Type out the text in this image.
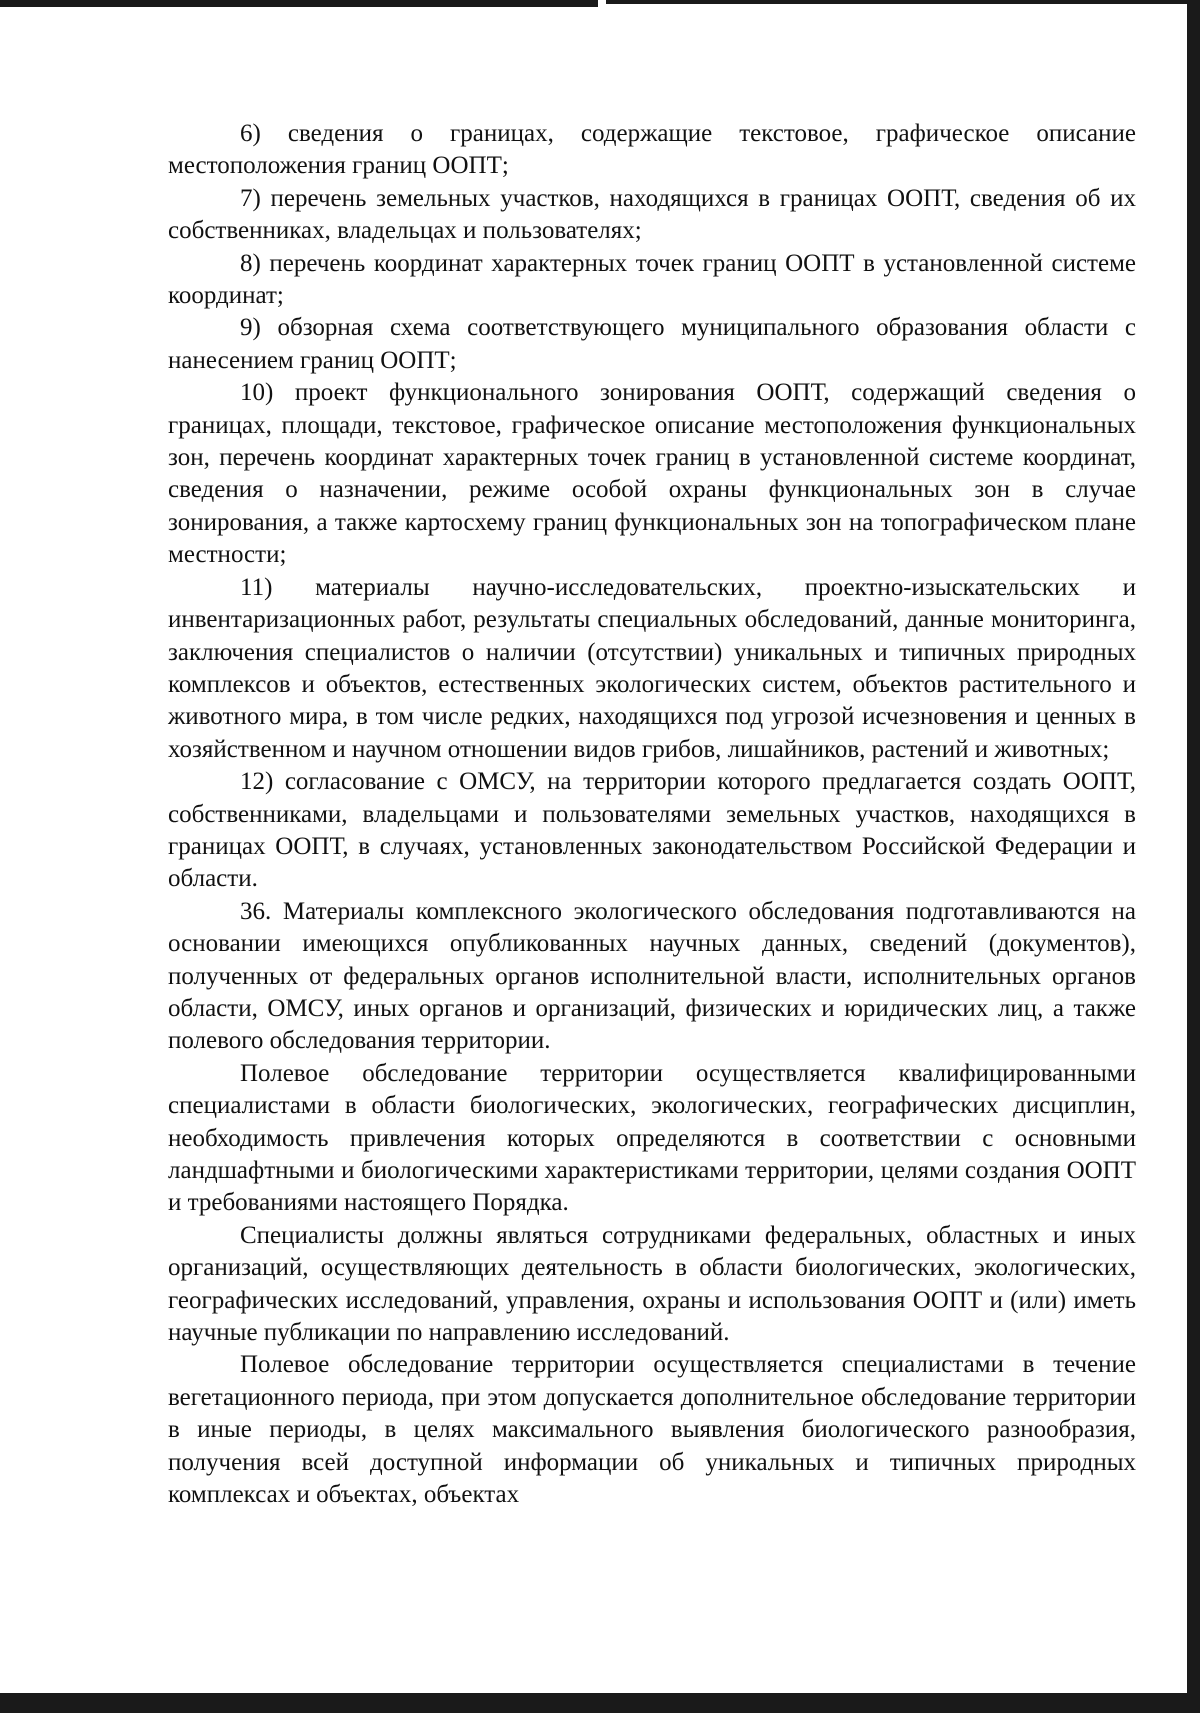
6) сведения о границах, содержащие текстовое, графическое описание местоположения границ ООПТ;

7) перечень земельных участков, находящихся в границах ООПТ, сведения об их собственниках, владельцах и пользователях;

8) перечень координат характерных точек границ ООПТ в установленной системе координат;

9) обзорная схема соответствующего муниципального образования области с нанесением границ ООПТ;

10) проект функционального зонирования ООПТ, содержащий сведения о границах, площади, текстовое, графическое описание местоположения функциональных зон, перечень координат характерных точек границ в установленной системе координат, сведения о назначении, режиме особой охраны функциональных зон в случае зонирования, а также картосхему границ функциональных зон на топографическом плане местности;

11) материалы научно-исследовательских, проектно-изыскательских и инвентаризационных работ, результаты специальных обследований, данные мониторинга, заключения специалистов о наличии (отсутствии) уникальных и типичных природных комплексов и объектов, естественных экологических систем, объектов растительного и животного мира, в том числе редких, находящихся под угрозой исчезновения и ценных в хозяйственном и научном отношении видов грибов, лишайников, растений и животных;

12) согласование с ОМСУ, на территории которого предлагается создать ООПТ, собственниками, владельцами и пользователями земельных участков, находящихся в границах ООПТ, в случаях, установленных законодательством Российской Федерации и области.

36. Материалы комплексного экологического обследования подготавливаются на основании имеющихся опубликованных научных данных, сведений (документов), полученных от федеральных органов исполнительной власти, исполнительных органов области, ОМСУ, иных органов и организаций, физических и юридических лиц, а также полевого обследования территории.

Полевое обследование территории осуществляется квалифицированными специалистами в области биологических, экологических, географических дисциплин, необходимость привлечения которых определяются в соответствии с основными ландшафтными и биологическими характеристиками территории, целями создания ООПТ и требованиями настоящего Порядка.

Специалисты должны являться сотрудниками федеральных, областных и иных организаций, осуществляющих деятельность в области биологических, экологических, географических исследований, управления, охраны и использования ООПТ и (или) иметь научные публикации по направлению исследований.

Полевое обследование территории осуществляется специалистами в течение вегетационного периода, при этом допускается дополнительное обследование территории в иные периоды, в целях максимального выявления биологического разнообразия, получения всей доступной информации об уникальных и типичных природных комплексах и объектах, объектах
